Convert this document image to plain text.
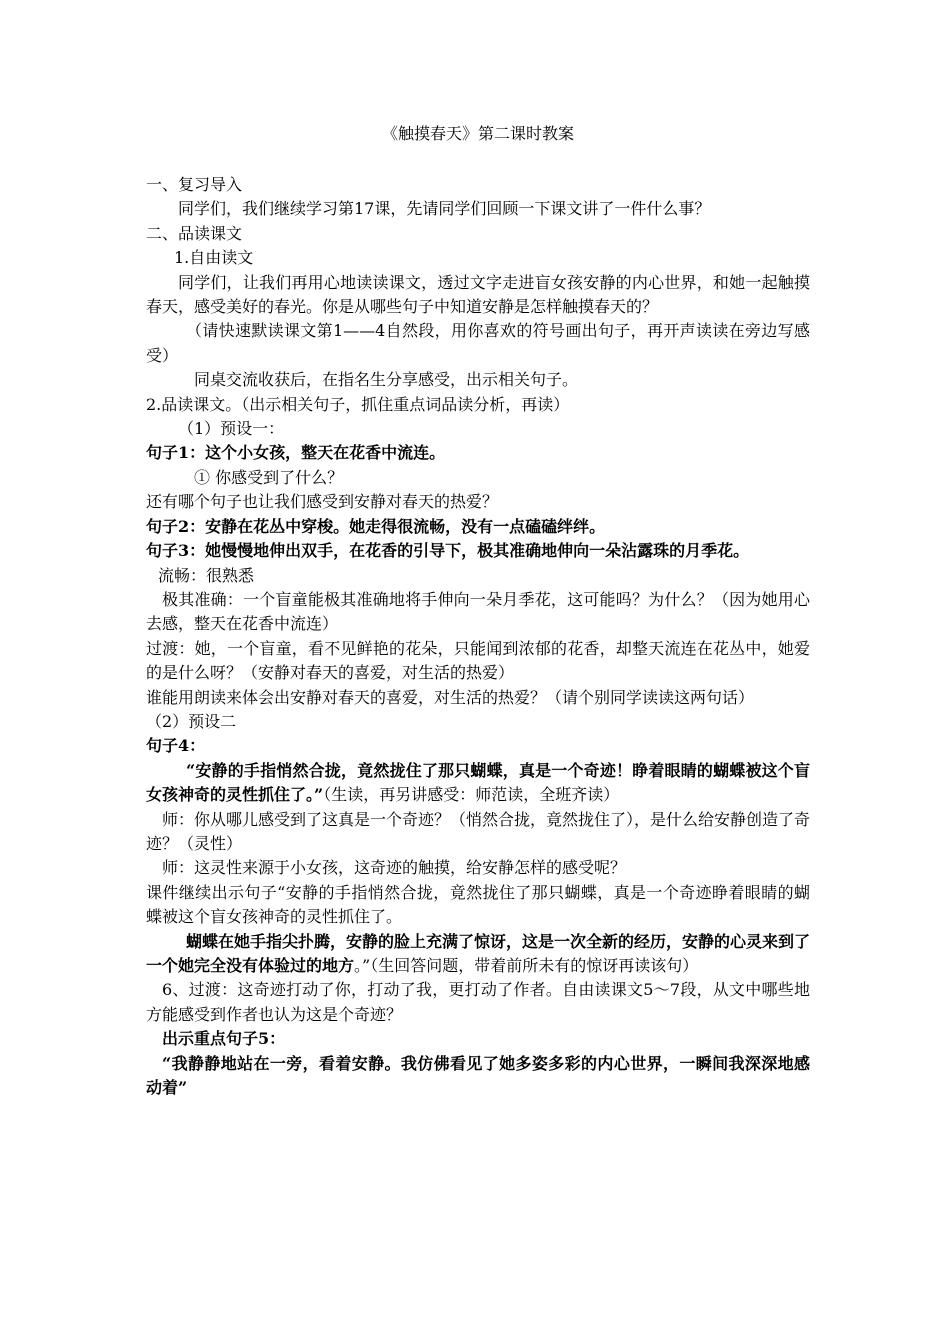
《触摸春天》第二课时教案

一、复习导入

同学们，我们继续学习第17课，先请同学们回顾一下课文讲了一件什么事？

二、品读课文

1.自由读文

同学们，让我们再用心地读读课文，透过文字走进盲女孩安静的内心世界，和她一起触摸春天，感受美好的春光。你是从哪些句子中知道安静是怎样触摸春天的？

（请快速默读课文第1——4自然段，用你喜欢的符号画出句子，再开声读读在旁边写感受）

同桌交流收获后，在指名生分享感受，出示相关句子。

2.品读课文。（出示相关句子，抓住重点词品读分析，再读）

（1）预设一：

句子1：这个小女孩，整天在花香中流连。

① 你感受到了什么？

还有哪个句子也让我们感受到安静对春天的热爱？

句子2：安静在花丛中穿梭。她走得很流畅，没有一点磕磕绊绊。

句子3：她慢慢地伸出双手，在花香的引导下，极其准确地伸向一朵沾露珠的月季花。

流畅：很熟悉

极其准确：一个盲童能极其准确地将手伸向一朵月季花，这可能吗？为什么？（因为她用心去感，整天在花香中流连）

过渡：她，一个盲童，看不见鲜艳的花朵，只能闻到浓郁的花香，却整天流连在花丛中，她爱的是什么呀？（安静对春天的喜爱，对生活的热爱）

谁能用朗读来体会出安静对春天的喜爱，对生活的热爱？（请个别同学读读这两句话）

（2）预设二

句子4：

“安静的手指悄然合拢，竟然拢住了那只蝴蝶，真是一个奇迹！睁着眼睛的蝴蝶被这个盲女孩神奇的灵性抓住了。”（生读，再另讲感受：师范读，全班齐读）

师：你从哪儿感受到了这真是一个奇迹？（悄然合拢，竟然拢住了），是什么给安静创造了奇迹？（灵性）

师：这灵性来源于小女孩，这奇迹的触摸，给安静怎样的感受呢？

课件继续出示句子“安静的手指悄然合拢，竟然拢住了那只蝴蝶，真是一个奇迹睁着眼睛的蝴蝶被这个盲女孩神奇的灵性抓住了。

蝴蝶在她手指尖扑腾，安静的脸上充满了惊讶，这是一次全新的经历，安静的心灵来到了一个她完全没有体验过的地方。”（生回答问题，带着前所未有的惊讶再读该句）

6、过渡：这奇迹打动了你，打动了我，更打动了作者。自由读课文5～7段，从文中哪些地方能感受到作者也认为这是个奇迹？

出示重点句子5：

“我静静地站在一旁，看着安静。我仿佛看见了她多姿多彩的内心世界，一瞬间我深深地感动着”
